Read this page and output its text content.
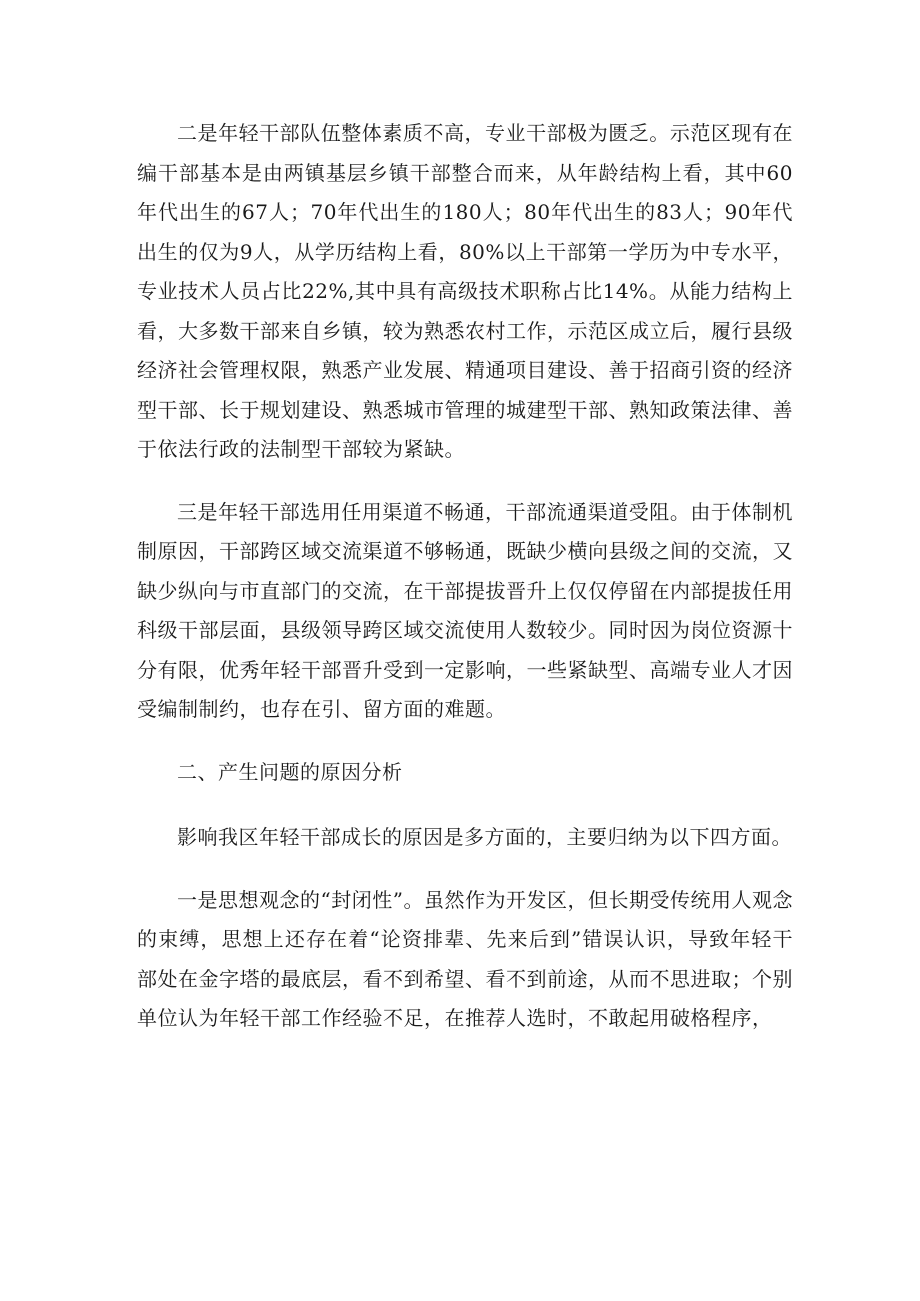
二是年轻干部队伍整体素质不高，专业干部极为匮乏。示范区现有在编干部基本是由两镇基层乡镇干部整合而来，从年龄结构上看，其中60年代出生的67人；70年代出生的180人；80年代出生的83人；90年代出生的仅为9人，从学历结构上看，80%以上干部第一学历为中专水平，专业技术人员占比22%,其中具有高级技术职称占比14%。从能力结构上看，大多数干部来自乡镇，较为熟悉农村工作，示范区成立后，履行县级经济社会管理权限，熟悉产业发展、精通项目建设、善于招商引资的经济型干部、长于规划建设、熟悉城市管理的城建型干部、熟知政策法律、善于依法行政的法制型干部较为紧缺。

三是年轻干部选用任用渠道不畅通，干部流通渠道受阻。由于体制机制原因，干部跨区域交流渠道不够畅通，既缺少横向县级之间的交流，又缺少纵向与市直部门的交流，在干部提拔晋升上仅仅停留在内部提拔任用科级干部层面，县级领导跨区域交流使用人数较少。同时因为岗位资源十分有限，优秀年轻干部晋升受到一定影响，一些紧缺型、高端专业人才因受编制制约，也存在引、留方面的难题。

二、产生问题的原因分析

影响我区年轻干部成长的原因是多方面的，主要归纳为以下四方面。

一是思想观念的“封闭性”。虽然作为开发区，但长期受传统用人观念的束缚，思想上还存在着“论资排辈、先来后到”错误认识，导致年轻干部处在金字塔的最底层，看不到希望、看不到前途，从而不思进取；个别单位认为年轻干部工作经验不足，在推荐人选时，不敢起用破格程序，
